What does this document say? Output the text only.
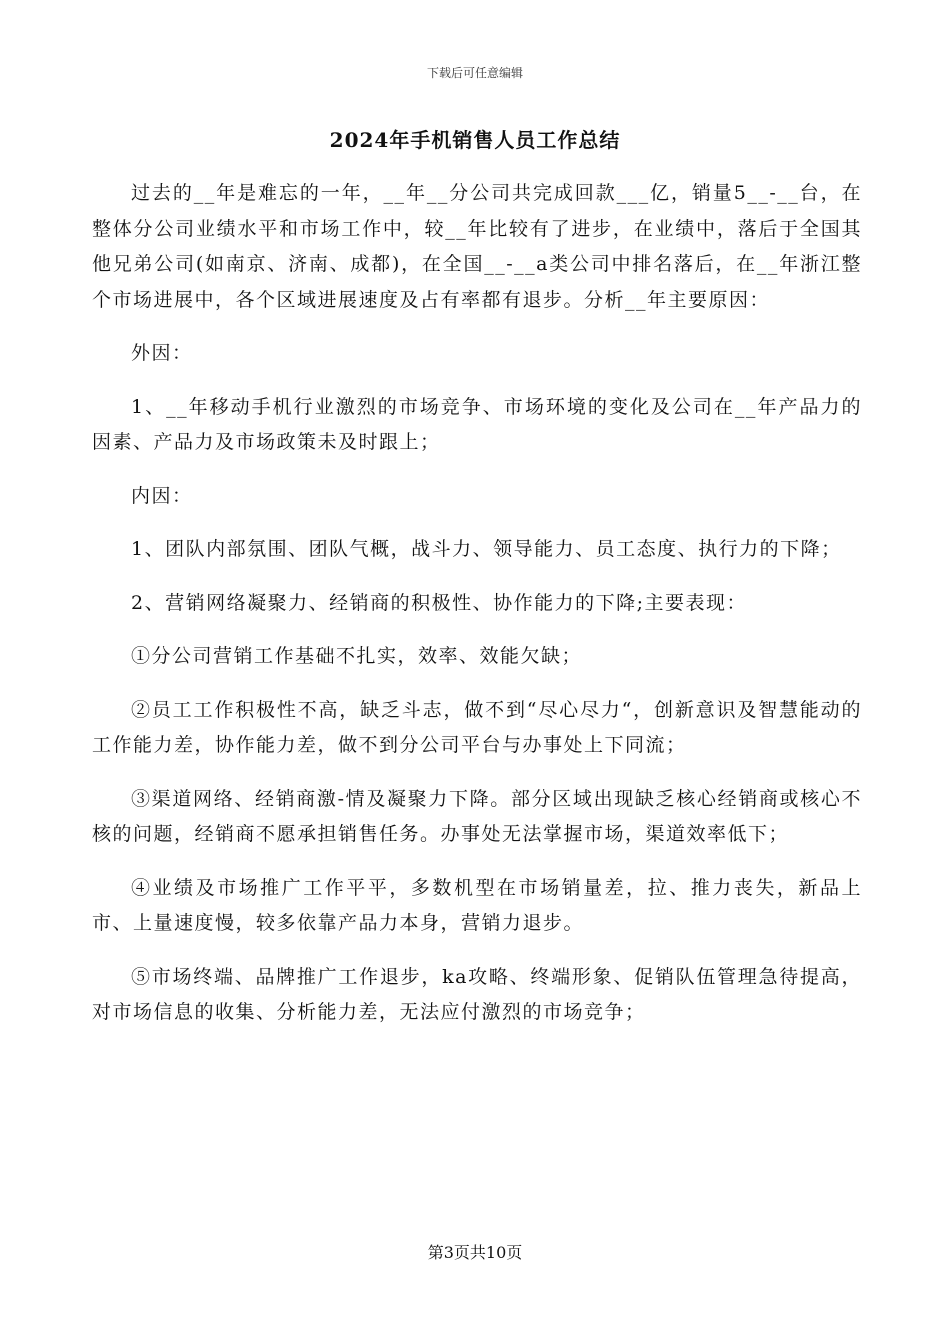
下载后可任意编辑
2024年手机销售人员工作总结

过去的__年是难忘的一年，__年__分公司共完成回款___亿，销量5__-__台，在整体分公司业绩水平和市场工作中，较__年比较有了进步，在业绩中，落后于全国其他兄弟公司(如南京、济南、成都)，在全国__-__a类公司中排名落后，在__年浙江整个市场进展中，各个区域进展速度及占有率都有退步。分析__年主要原因：

外因：

1、__年移动手机行业激烈的市场竞争、市场环境的变化及公司在__年产品力的因素、产品力及市场政策未及时跟上；

内因：

1、团队内部氛围、团队气概，战斗力、领导能力、员工态度、执行力的下降；

2、营销网络凝聚力、经销商的积极性、协作能力的下降;主要表现：

①分公司营销工作基础不扎实，效率、效能欠缺；

②员工工作积极性不高，缺乏斗志，做不到“尽心尽力“，创新意识及智慧能动的工作能力差，协作能力差，做不到分公司平台与办事处上下同流；

③渠道网络、经销商激-情及凝聚力下降。部分区域出现缺乏核心经销商或核心不核的问题，经销商不愿承担销售任务。办事处无法掌握市场，渠道效率低下；

④业绩及市场推广工作平平，多数机型在市场销量差，拉、推力丧失，新品上市、上量速度慢，较多依靠产品力本身，营销力退步。

⑤市场终端、品牌推广工作退步，ka攻略、终端形象、促销队伍管理急待提高，对市场信息的收集、分析能力差，无法应付激烈的市场竞争；

第3页共10页
